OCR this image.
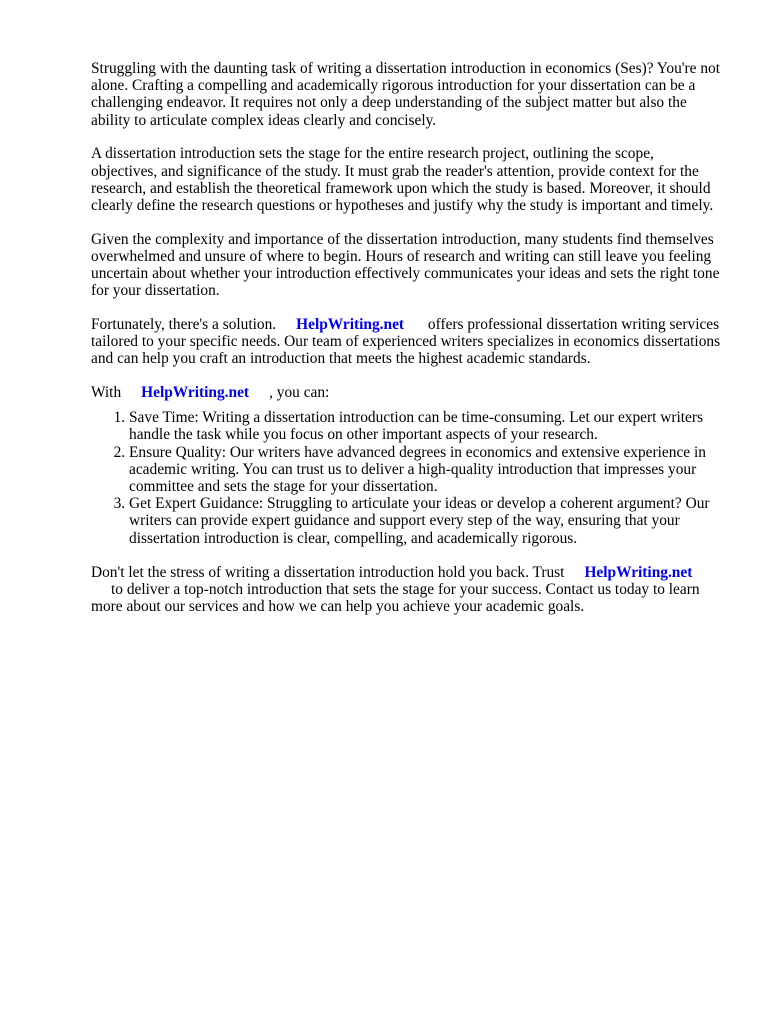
Struggling with the daunting task of writing a dissertation introduction in economics (Ses)? You're not alone. Crafting a compelling and academically rigorous introduction for your dissertation can be a challenging endeavor. It requires not only a deep understanding of the subject matter but also the ability to articulate complex ideas clearly and concisely.

A dissertation introduction sets the stage for the entire research project, outlining the scope, objectives, and significance of the study. It must grab the reader's attention, provide context for the research, and establish the theoretical framework upon which the study is based. Moreover, it should clearly define the research questions or hypotheses and justify why the study is important and timely.

Given the complexity and importance of the dissertation introduction, many students find themselves overwhelmed and unsure of where to begin. Hours of research and writing can still leave you feeling uncertain about whether your introduction effectively communicates your ideas and sets the right tone for your dissertation.

Fortunately, there's a solution. HelpWriting.net offers professional dissertation writing services tailored to your specific needs. Our team of experienced writers specializes in economics dissertations and can help you craft an introduction that meets the highest academic standards.

With HelpWriting.net , you can:

1. Save Time: Writing a dissertation introduction can be time-consuming. Let our expert writers handle the task while you focus on other important aspects of your research.
2. Ensure Quality: Our writers have advanced degrees in economics and extensive experience in academic writing. You can trust us to deliver a high-quality introduction that impresses your committee and sets the stage for your dissertation.
3. Get Expert Guidance: Struggling to articulate your ideas or develop a coherent argument? Our writers can provide expert guidance and support every step of the way, ensuring that your dissertation introduction is clear, compelling, and academically rigorous.

Don't let the stress of writing a dissertation introduction hold you back. Trust HelpWriting.net
to deliver a top-notch introduction that sets the stage for your success. Contact us today to learn more about our services and how we can help you achieve your academic goals.
